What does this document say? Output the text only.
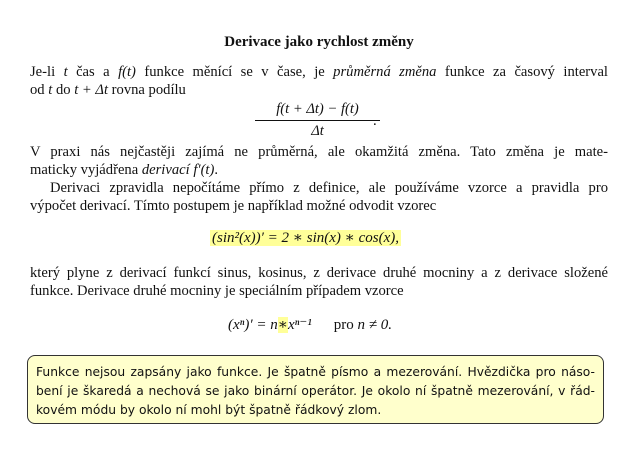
Derivace jako rychlost změny
Je-li t čas a f(t) funkce měnící se v čase, je průměrná změna funkce za časový interval
od t do t + Δt rovna podílu
$\frac{f(t + \Delta t) - f(t)}{\Delta t}$
.
V praxi nás nejčastěji zajímá ne průměrná, ale okamžitá změna. Tato změna je mate-
maticky vyjádřena derivací f′(t).
Derivaci zpravidla nepočítáme přímo z definice, ale používáme vzorce a pravidla pro
výpočet derivací. Tímto postupem je například možné odvodit vzorec
(sin²(x))′ = 2 ∗ sin(x) ∗ cos(x),
který plyne z derivací funkcí sinus, kosinus, z derivace druhé mocniny a z derivace složené
funkce. Derivace druhé mocniny je speciálním případem vzorce
(xⁿ)′ = n∗xⁿ⁻¹ pro n ≠ 0.
Funkce nejsou zapsány jako funkce. Je špatně písmo a mezerování. Hvězdička pro náso-
bení je škaredá a nechová se jako binární operátor. Je okolo ní špatně mezerování, v řád-
kovém módu by okolo ní mohl být špatně řádkový zlom.
